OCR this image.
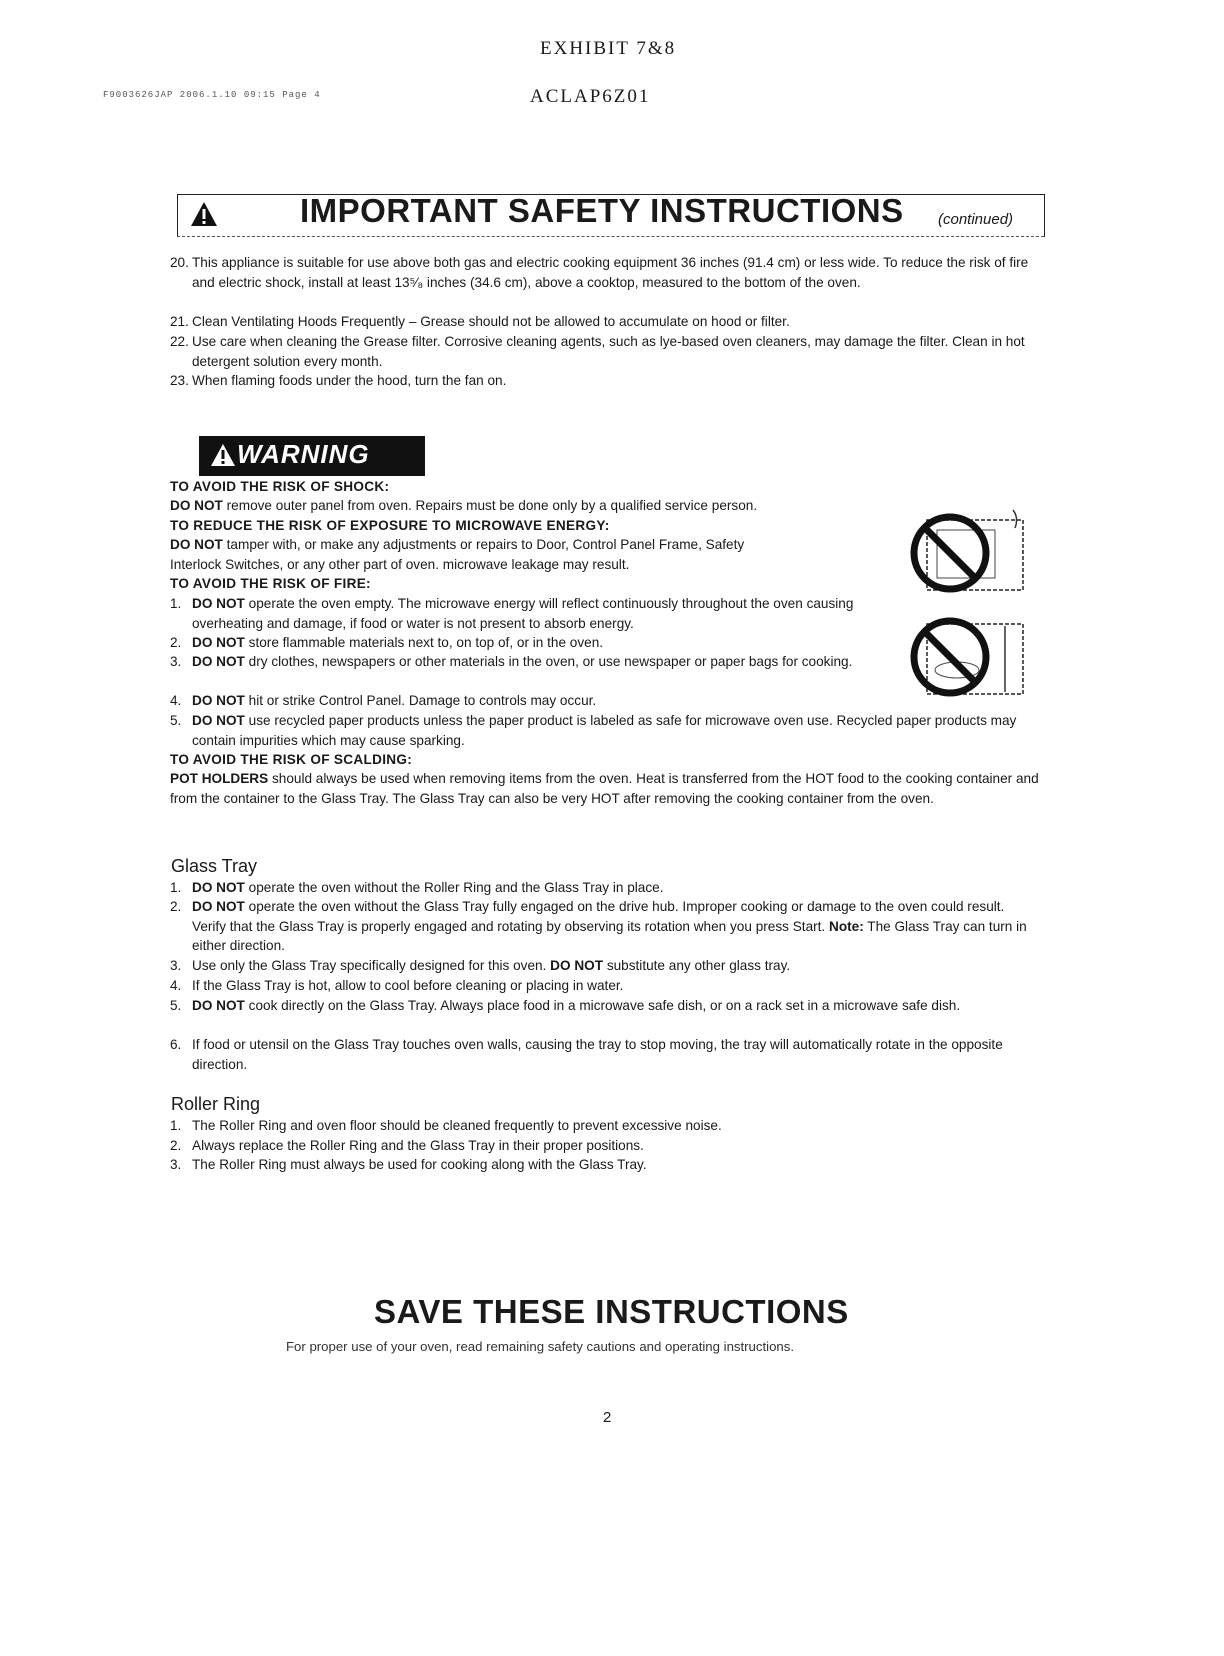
EXHIBIT 7&8
F9003626JAP 2006.1.10 09:15 Page 4	ACLAP6Z01
IMPORTANT SAFETY INSTRUCTIONS (continued)
20. This appliance is suitable for use above both gas and electric cooking equipment 36 inches (91.4 cm) or less wide. To reduce the risk of fire and electric shock, install at least 13⁵⁄₈ inches (34.6 cm), above a cooktop, measured to the bottom of the oven.
21. Clean Ventilating Hoods Frequently – Grease should not be allowed to accumulate on hood or filter.
22. Use care when cleaning the Grease filter. Corrosive cleaning agents, such as lye-based oven cleaners, may damage the filter. Clean in hot detergent solution every month.
23. When flaming foods under the hood, turn the fan on.
WARNING
TO AVOID THE RISK OF SHOCK:
DO NOT remove outer panel from oven. Repairs must be done only by a qualified service person.
TO REDUCE THE RISK OF EXPOSURE TO MICROWAVE ENERGY:
DO NOT tamper with, or make any adjustments or repairs to Door, Control Panel Frame, Safety
Interlock Switches, or any other part of oven. microwave leakage may result.
TO AVOID THE RISK OF FIRE:
1. DO NOT operate the oven empty. The microwave energy will reflect continuously throughout the oven causing overheating and damage, if food or water is not present to absorb energy.
2. DO NOT store flammable materials next to, on top of, or in the oven.
3. DO NOT dry clothes, newspapers or other materials in the oven, or use newspaper or paper bags for cooking.
4. DO NOT hit or strike Control Panel. Damage to controls may occur.
5. DO NOT use recycled paper products unless the paper product is labeled as safe for microwave oven use. Recycled paper products may contain impurities which may cause sparking.
TO AVOID THE RISK OF SCALDING:
POT HOLDERS should always be used when removing items from the oven. Heat is transferred from the HOT food to the cooking container and from the container to the Glass Tray. The Glass Tray can also be very HOT after removing the cooking container from the oven.
Glass Tray
1. DO NOT operate the oven without the Roller Ring and the Glass Tray in place.
2. DO NOT operate the oven without the Glass Tray fully engaged on the drive hub. Improper cooking or damage to the oven could result. Verify that the Glass Tray is properly engaged and rotating by observing its rotation when you press Start. Note: The Glass Tray can turn in either direction.
3. Use only the Glass Tray specifically designed for this oven. DO NOT substitute any other glass tray.
4. If the Glass Tray is hot, allow to cool before cleaning or placing in water.
5. DO NOT cook directly on the Glass Tray. Always place food in a microwave safe dish, or on a rack set in a microwave safe dish.
6. If food or utensil on the Glass Tray touches oven walls, causing the tray to stop moving, the tray will automatically rotate in the opposite direction.
Roller Ring
1. The Roller Ring and oven floor should be cleaned frequently to prevent excessive noise.
2. Always replace the Roller Ring and the Glass Tray in their proper positions.
3. The Roller Ring must always be used for cooking along with the Glass Tray.
SAVE THESE INSTRUCTIONS
For proper use of your oven, read remaining safety cautions and operating instructions.
2
